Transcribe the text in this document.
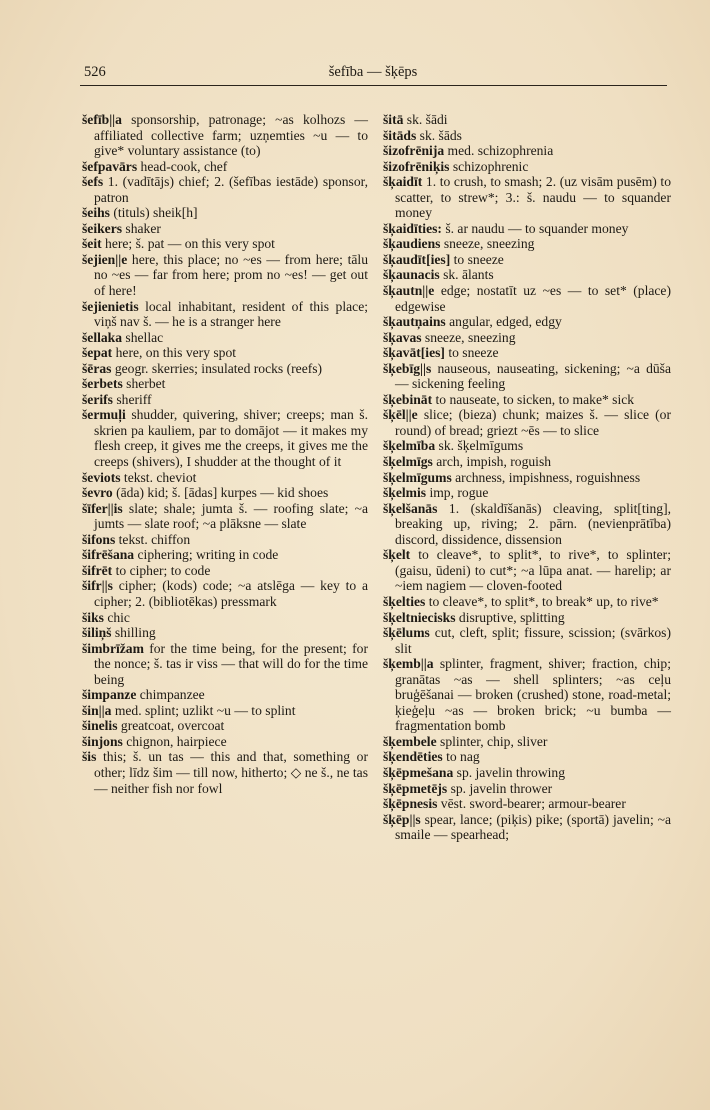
526	šefība — šķēps
šefīb||a sponsorship, patronage; ~as kolhozs — affiliated collective farm; uzņemties ~u — to give* voluntary assistance (to)
šefpavārs head-cook, chef
šefs 1. (vadītājs) chief; 2. (šefības iestāde) sponsor, patron
šeihs (tituls) sheik[h]
šeikers shaker
šeit here; š. pat — on this very spot
šejien||e here, this place; no ~es — from here; tālu no ~es — far from here; prom no ~es! — get out of here!
šejienietis local inhabitant, resident of this place; viņš nav š. — he is a stranger here
šellaka shellac
šepat here, on this very spot
šēras geogr. skerries; insulated rocks (reefs)
šerbets sherbet
šerifs sheriff
šermuļi shudder, quivering, shiver; creeps; man š. skrien pa kauliem, par to domājot — it makes my flesh creep, it gives me the creeps, it gives me the creeps (shivers), I shudder at the thought of it
ševiots tekst. cheviot
ševro (āda) kid; š. [ādas] kurpes — kid shoes
šīfer||is slate; shale; jumta š. — roofing slate; ~a jumts — slate roof; ~a plāksne — slate
šifons tekst. chiffon
šifrēšana ciphering; writing in code
šifrēt to cipher; to code
šifr||s cipher; (kods) code; ~a atslēga — key to a cipher; 2. (bibliotēkas) pressmark
šiks chic
šiliņš shilling
šimbrīžam for the time being, for the present; for the nonce; š. tas ir viss — that will do for the time being
šimpanze chimpanzee
šin||a med. splint; uzlikt ~u — to splint
šinelis greatcoat, overcoat
šinjons chignon, hairpiece
šis this; š. un tas — this and that, something or other; līdz šim — till now, hitherto; ◇ ne š., ne tas — neither fish nor fowl
šitā sk. šādi
šitāds sk. šāds
šizofrēnija med. schizophrenia
šizofrēniķis schizophrenic
šķaidīt 1. to crush, to smash; 2. (uz visām pusēm) to scatter, to strew*; 3.: š. naudu — to squander money
šķaidīties: š. ar naudu — to squander money
šķaudiens sneeze, sneezing
šķaudīt[ies] to sneeze
šķaunacis sk. ālants
šķautn||e edge; nostatīt uz ~es — to set* (place) edgewise
šķautņains angular, edged, edgy
šķavas sneeze, sneezing
šķavāt[ies] to sneeze
šķebīg||s nauseous, nauseating, sickening; ~a dūša — sickening feeling
šķebināt to nauseate, to sicken, to make* sick
šķēl||e slice; (bieza) chunk; maizes š. — slice (or round) of bread; griezt ~ēs — to slice
šķelmība sk. šķelmīgums
šķelmīgs arch, impish, roguish
šķelmīgums archness, impishness, roguishness
šķelmis imp, rogue
šķelšanās 1. (skaldīšanās) cleaving, split[ting], breaking up, riving; 2. pārn. (nevienprātība) discord, dissidence, dissension
šķelt to cleave*, to split*, to rive*, to splinter; (gaisu, ūdeni) to cut*; ~a lūpa anat. — harelip; ar ~iem nagiem — cloven-footed
šķelties to cleave*, to split*, to break* up, to rive*
šķeltniecisks disruptive, splitting
šķēlums cut, cleft, split; fissure, scission; (svārkos) slit
šķemb||a splinter, fragment, shiver; fraction, chip; granātas ~as — shell splinters; ~as ceļu bruģēšanai — broken (crushed) stone, road-metal; ķieģeļu ~as — broken brick; ~u bumba — fragmentation bomb
šķembele splinter, chip, sliver
šķendēties to nag
šķēpmešana sp. javelin throwing
šķēpmetējs sp. javelin thrower
šķēpnesis vēst. sword-bearer; armour-bearer
šķēp||s spear, lance; (piķis) pike; (sportā) javelin; ~a smaile — spearhead;
